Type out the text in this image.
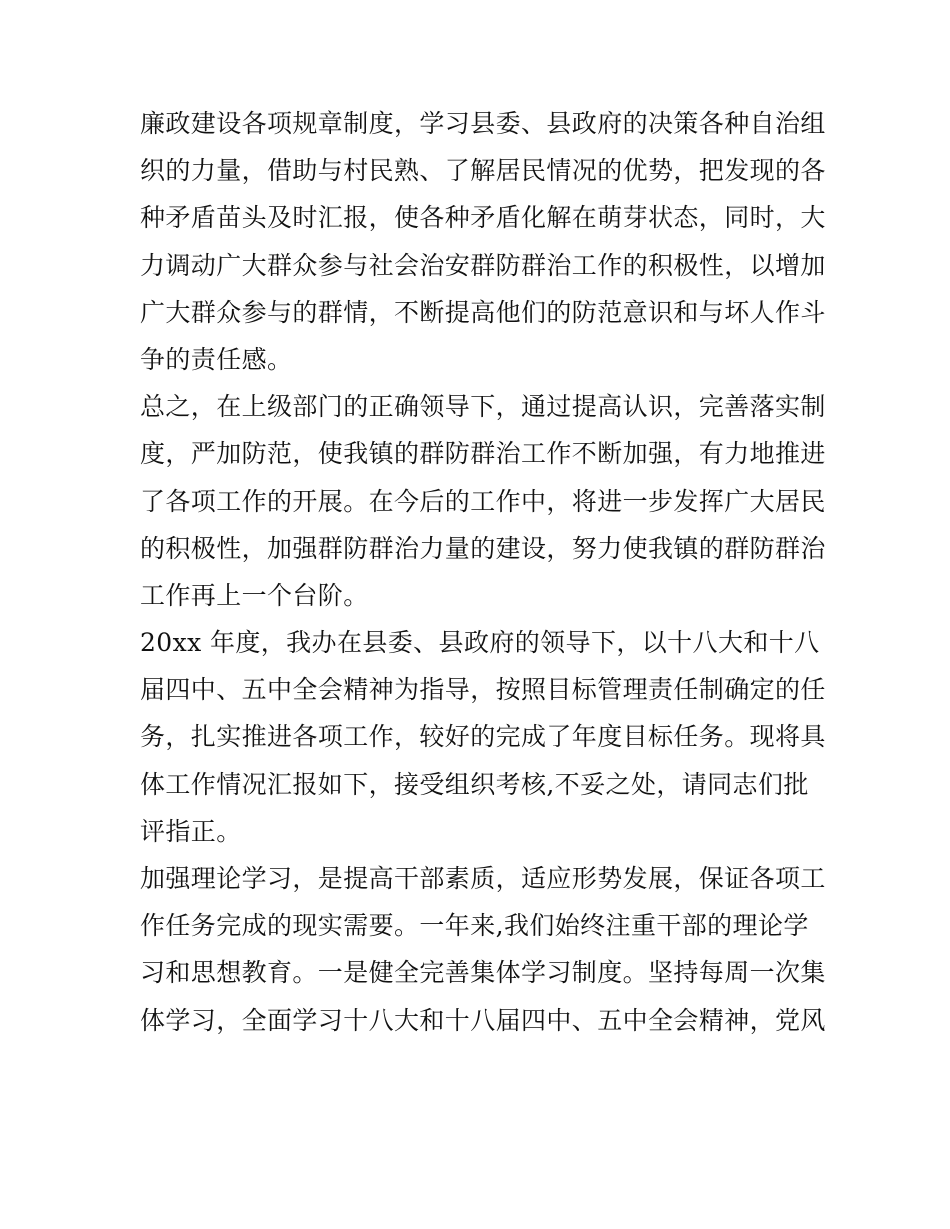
廉政建设各项规章制度，学习县委、县政府的决策各种自治组
织的力量，借助与村民熟、了解居民情况的优势，把发现的各
种矛盾苗头及时汇报，使各种矛盾化解在萌芽状态，同时，大
力调动广大群众参与社会治安群防群治工作的积极性，以增加
广大群众参与的群情，不断提高他们的防范意识和与坏人作斗
争的责任感。
总之，在上级部门的正确领导下，通过提高认识，完善落实制
度，严加防范，使我镇的群防群治工作不断加强，有力地推进
了各项工作的开展。在今后的工作中，将进一步发挥广大居民
的积极性，加强群防群治力量的建设，努力使我镇的群防群治
工作再上一个台阶。
20xx 年度，我办在县委、县政府的领导下，以十八大和十八
届四中、五中全会精神为指导，按照目标管理责任制确定的任
务，扎实推进各项工作，较好的完成了年度目标任务。现将具
体工作情况汇报如下，接受组织考核,不妥之处，请同志们批
评指正。
加强理论学习，是提高干部素质，适应形势发展，保证各项工
作任务完成的现实需要。一年来,我们始终注重干部的理论学
习和思想教育。一是健全完善集体学习制度。坚持每周一次集
体学习，全面学习十八大和十八届四中、五中全会精神，党风
